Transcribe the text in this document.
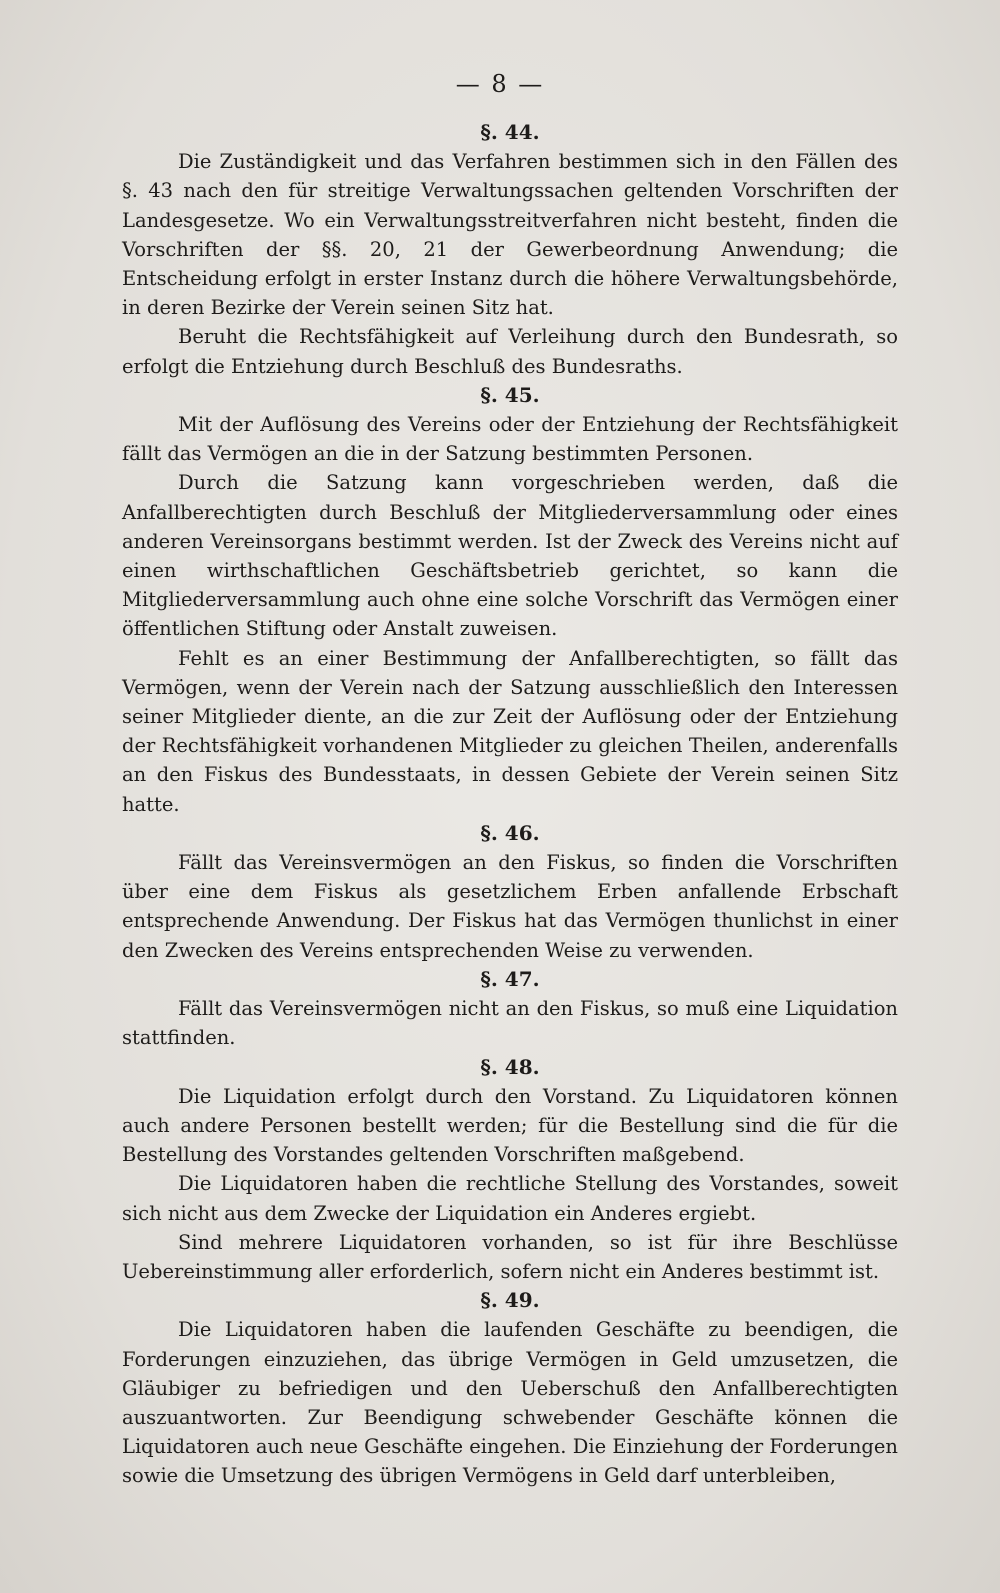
— 8 —
§. 44.

Die Zuständigkeit und das Verfahren bestimmen sich in den Fällen des §. 43 nach den für streitige Verwaltungssachen geltenden Vorschriften der Landesgesetze. Wo ein Verwaltungsstreitverfahren nicht besteht, finden die Vorschriften der §§. 20, 21 der Gewerbeordnung Anwendung; die Entscheidung erfolgt in erster Instanz durch die höhere Verwaltungsbehörde, in deren Bezirke der Verein seinen Sitz hat.

Beruht die Rechtsfähigkeit auf Verleihung durch den Bundesrath, so erfolgt die Entziehung durch Beschluß des Bundesraths.

§. 45.

Mit der Auflösung des Vereins oder der Entziehung der Rechtsfähigkeit fällt das Vermögen an die in der Satzung bestimmten Personen.

Durch die Satzung kann vorgeschrieben werden, daß die Anfallberechtigten durch Beschluß der Mitgliederversammlung oder eines anderen Vereinsorgans bestimmt werden. Ist der Zweck des Vereins nicht auf einen wirthschaftlichen Geschäftsbetrieb gerichtet, so kann die Mitgliederversammlung auch ohne eine solche Vorschrift das Vermögen einer öffentlichen Stiftung oder Anstalt zuweisen.

Fehlt es an einer Bestimmung der Anfallberechtigten, so fällt das Vermögen, wenn der Verein nach der Satzung ausschließlich den Interessen seiner Mitglieder diente, an die zur Zeit der Auflösung oder der Entziehung der Rechtsfähigkeit vorhandenen Mitglieder zu gleichen Theilen, anderenfalls an den Fiskus des Bundesstaats, in dessen Gebiete der Verein seinen Sitz hatte.

§. 46.

Fällt das Vereinsvermögen an den Fiskus, so finden die Vorschriften über eine dem Fiskus als gesetzlichem Erben anfallende Erbschaft entsprechende Anwendung. Der Fiskus hat das Vermögen thunlichst in einer den Zwecken des Vereins entsprechenden Weise zu verwenden.

§. 47.

Fällt das Vereinsvermögen nicht an den Fiskus, so muß eine Liquidation stattfinden.

§. 48.

Die Liquidation erfolgt durch den Vorstand. Zu Liquidatoren können auch andere Personen bestellt werden; für die Bestellung sind die für die Bestellung des Vorstandes geltenden Vorschriften maßgebend.

Die Liquidatoren haben die rechtliche Stellung des Vorstandes, soweit sich nicht aus dem Zwecke der Liquidation ein Anderes ergiebt.

Sind mehrere Liquidatoren vorhanden, so ist für ihre Beschlüsse Uebereinstimmung aller erforderlich, sofern nicht ein Anderes bestimmt ist.

§. 49.

Die Liquidatoren haben die laufenden Geschäfte zu beendigen, die Forderungen einzuziehen, das übrige Vermögen in Geld umzusetzen, die Gläubiger zu befriedigen und den Ueberschuß den Anfallberechtigten auszuantworten. Zur Beendigung schwebender Geschäfte können die Liquidatoren auch neue Geschäfte eingehen. Die Einziehung der Forderungen sowie die Umsetzung des übrigen Vermögens in Geld darf unterbleiben,
